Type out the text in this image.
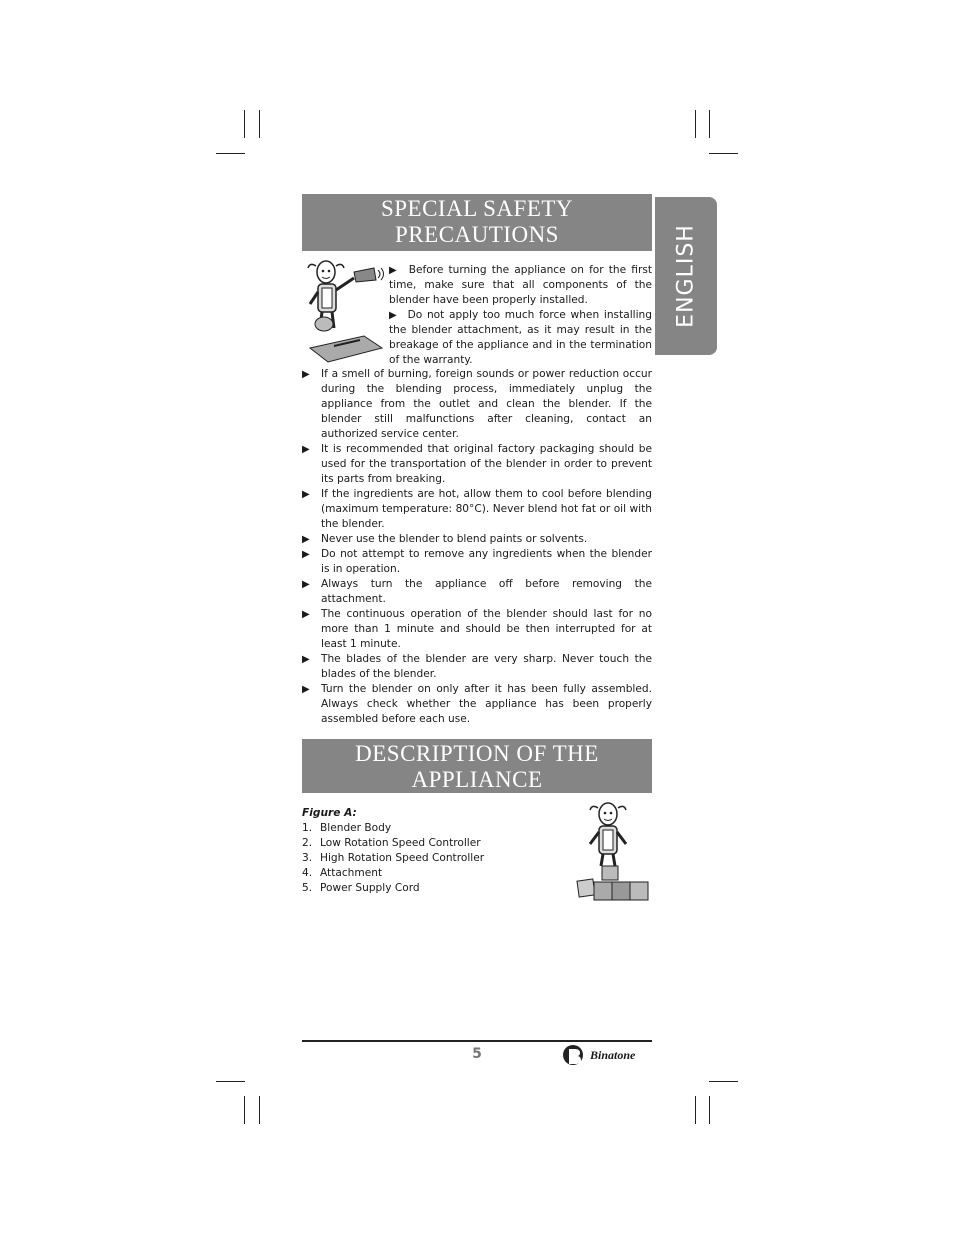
ENGLISH
SPECIAL SAFETY
PRECAUTIONS

▶ Before turning the appliance on for the first time, make sure that all components of the blender have been properly installed.

▶ Do not apply too much force when installing the blender attachment, as it may result in the breakage of the appliance and in the termination of the warranty.

▶ If a smell of burning, foreign sounds or power reduction occur during the blending process, immediately unplug the appliance from the outlet and clean the blender. If the blender still malfunctions after cleaning, contact an authorized service center.
▶ It is recommended that original factory packaging should be used for the transportation of the blender in order to prevent its parts from breaking.
▶ If the ingredients are hot, allow them to cool before blending (maximum temperature: 80°C). Never blend hot fat or oil with the blender.
▶ Never use the blender to blend paints or solvents.
▶ Do not attempt to remove any ingredients when the blender is in operation.
▶ Always turn the appliance off before removing the attachment.
▶ The continuous operation of the blender should last for no more than 1 minute and should be then interrupted for at least 1 minute.
▶ The blades of the blender are very sharp. Never touch the blades of the blender.
▶ Turn the blender on only after it has been fully assembled. Always check whether the appliance has been properly assembled before each use.
DESCRIPTION OF THE
APPLIANCE
Figure A:
1. Blender Body
2. Low Rotation Speed Controller
3. High Rotation Speed Controller
4. Attachment
5. Power Supply Cord
5	Binatone
